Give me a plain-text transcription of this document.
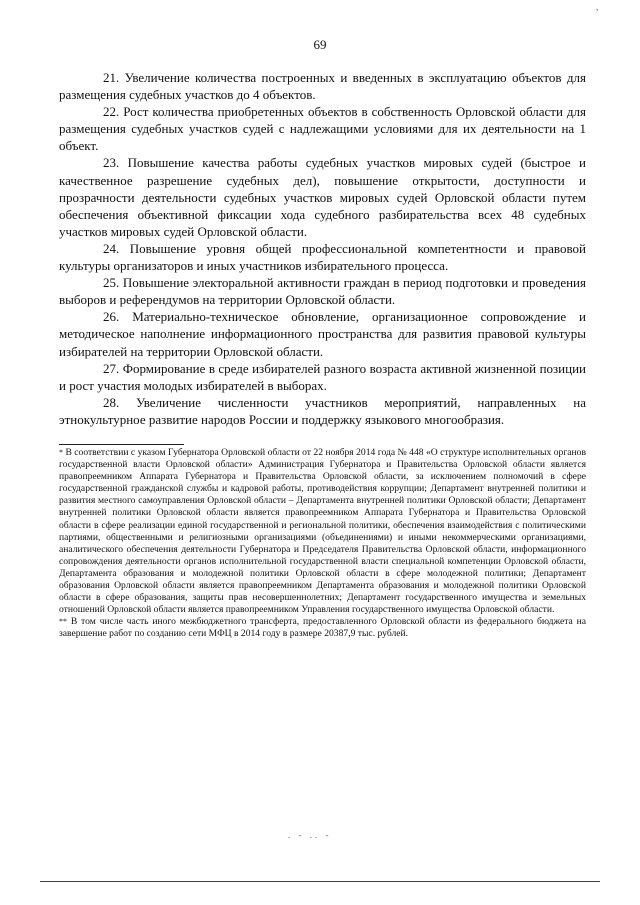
,
69

21. Увеличение количества построенных и введенных в эксплуатацию объектов для размещения судебных участков до 4 объектов.

22. Рост количества приобретенных объектов в собственность Орловской области для размещения судебных участков судей с надлежащими условиями для их деятельности на 1 объект.

23. Повышение качества работы судебных участков мировых судей (быстрое и качественное разрешение судебных дел), повышение открытости, доступности и прозрачности деятельности судебных участков мировых судей Орловской области путем обеспечения объективной фиксации хода судебного разбирательства всех 48 судебных участков мировых судей Орловской области.

24. Повышение уровня общей профессиональной компетентности и правовой культуры организаторов и иных участников избирательного процесса.

25. Повышение электоральной активности граждан в период подготовки и проведения выборов и референдумов на территории Орловской области.

26. Материально-техническое обновление, организационное сопровождение и методическое наполнение информационного пространства для развития правовой культуры избирателей на территории Орловской области.

27. Формирование в среде избирателей разного возраста активной жизненной позиции и рост участия молодых избирателей в выборах.

28. Увеличение численности участников мероприятий, направленных на этнокультурное развитие народов России и поддержку языкового многообразия.

* В соответствии с указом Губернатора Орловской области от 22 ноября 2014 года № 448 «О структуре исполнительных органов государственной власти Орловской области» Администрация Губернатора и Правительства Орловской области является правопреемником Аппарата Губернатора и Правительства Орловской области, за исключением полномочий в сфере государственной гражданской службы и кадровой работы, противодействия коррупции; Департамент внутренней политики и развития местного самоуправления Орловской области – Департамента внутренней политики Орловской области; Департамент внутренней политики Орловской области является правопреемником Аппарата Губернатора и Правительства Орловской области в сфере реализации единой государственной и региональной политики, обеспечения взаимодействия с политическими партиями, общественными и религиозными организациями (объединениями) и иными некоммерческими организациями, аналитического обеспечения деятельности Губернатора и Председателя Правительства Орловской области, информационного сопровождения деятельности органов исполнительной государственной власти специальной компетенции Орловской области, Департамента образования и молодежной политики Орловской области в сфере молодежной политики; Департамент образования Орловской области является правопреемником Департамента образования и молодежной политики Орловской области в сфере образования, защиты прав несовершеннолетних; Департамент государственного имущества и земельных отношений Орловской области является правопреемником Управления государственного имущества Орловской области.

** В том числе часть иного межбюджетного трансферта, предоставленного Орловской области из федерального бюджета на завершение работ по созданию сети МФЦ в 2014 году в размере 20387,9 тыс. рублей.

. - .. -
